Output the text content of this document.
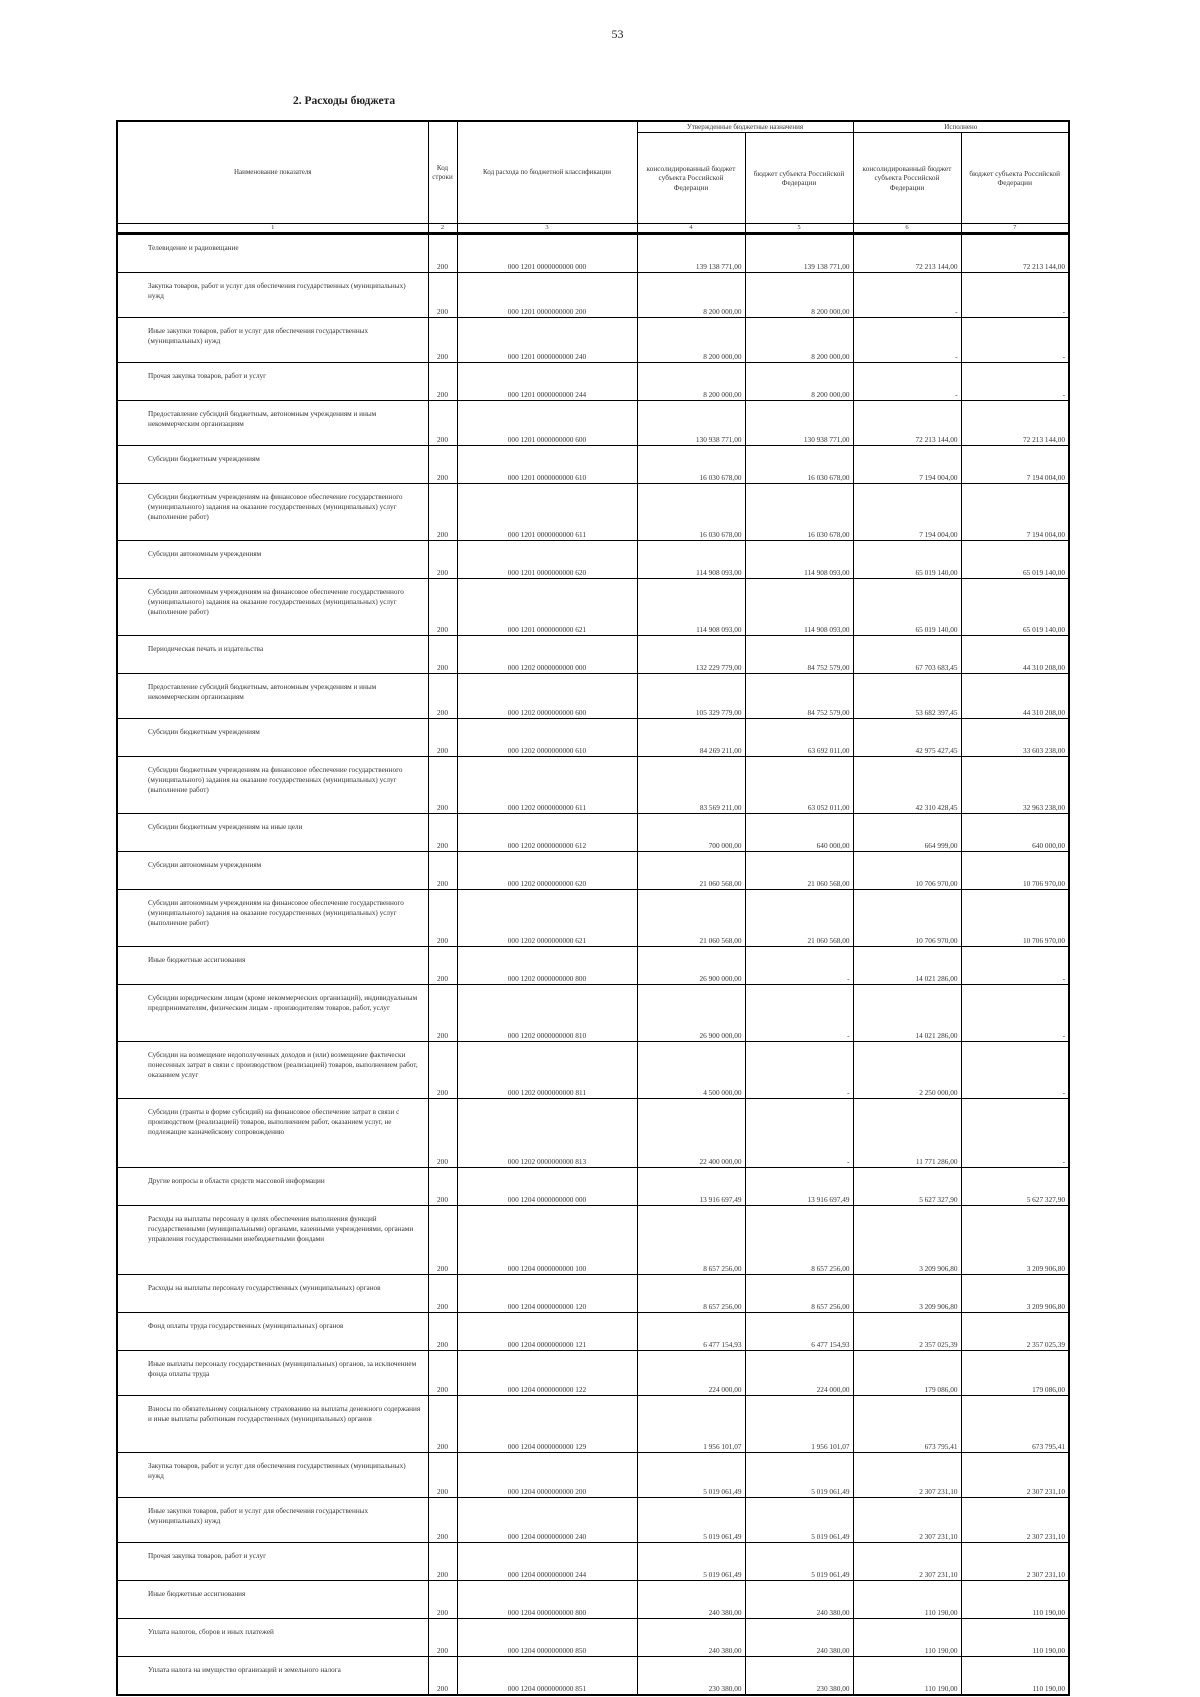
53
2. Расходы бюджета
Наименование показателя	Код строки	Код расхода по бюджетной классификации	Утвержденные бюджетные назначения		Исполнено	
			консолидированный бюджет субъекта Российской Федерации	бюджет субъекта Российской Федерации	консолидированный бюджет субъекта Российской Федерации	бюджет субъекта Российской Федерации
1	2	3	4	5	6	7
Телевидение и радиовещание	200	000 1201 0000000000 000	139 138 771,00	139 138 771,00	72 213 144,00	72 213 144,00
Закупка товаров, работ и услуг для обеспечения государственных (муниципальных) нужд	200	000 1201 0000000000 200	8 200 000,00	8 200 000,00	-	-
Иные закупки товаров, работ и услуг для обеспечения государственных (муниципальных) нужд	200	000 1201 0000000000 240	8 200 000,00	8 200 000,00	-	-
Прочая закупка товаров, работ и услуг	200	000 1201 0000000000 244	8 200 000,00	8 200 000,00	-	-
Предоставление субсидий бюджетным, автономным учреждениям и иным некоммерческим организациям	200	000 1201 0000000000 600	130 938 771,00	130 938 771,00	72 213 144,00	72 213 144,00
Субсидии бюджетным учреждениям	200	000 1201 0000000000 610	16 030 678,00	16 030 678,00	7 194 004,00	7 194 004,00
Субсидии бюджетным учреждениям на финансовое обеспечение государственного (муниципального) задания на оказание государственных (муниципальных) услуг (выполнение работ)	200	000 1201 0000000000 611	16 030 678,00	16 030 678,00	7 194 004,00	7 194 004,00
Субсидии автономным учреждениям	200	000 1201 0000000000 620	114 908 093,00	114 908 093,00	65 019 140,00	65 019 140,00
Субсидии автономным учреждениям на финансовое обеспечение государственного (муниципального) задания на оказание государственных (муниципальных) услуг (выполнение работ)	200	000 1201 0000000000 621	114 908 093,00	114 908 093,00	65 019 140,00	65 019 140,00
Периодическая печать и издательства	200	000 1202 0000000000 000	132 229 779,00	84 752 579,00	67 703 683,45	44 310 208,00
Предоставление субсидий бюджетным, автономным учреждениям и иным некоммерческим организациям	200	000 1202 0000000000 600	105 329 779,00	84 752 579,00	53 682 397,45	44 310 208,00
Субсидии бюджетным учреждениям	200	000 1202 0000000000 610	84 269 211,00	63 692 011,00	42 975 427,45	33 603 238,00
Субсидии бюджетным учреждениям на финансовое обеспечение государственного (муниципального) задания на оказание государственных (муниципальных) услуг (выполнение работ)	200	000 1202 0000000000 611	83 569 211,00	63 052 011,00	42 310 428,45	32 963 238,00
Субсидии бюджетным учреждениям на иные цели	200	000 1202 0000000000 612	700 000,00	640 000,00	664 999,00	640 000,00
Субсидии автономным учреждениям	200	000 1202 0000000000 620	21 060 568,00	21 060 568,00	10 706 970,00	10 706 970,00
Субсидии автономным учреждениям на финансовое обеспечение государственного (муниципального) задания на оказание государственных (муниципальных) услуг (выполнение работ)	200	000 1202 0000000000 621	21 060 568,00	21 060 568,00	10 706 970,00	10 706 970,00
Иные бюджетные ассигнования	200	000 1202 0000000000 800	26 900 000,00	-	14 021 286,00	-
Субсидии юридическим лицам (кроме некоммерческих организаций), индивидуальным предпринимателям, физическим лицам - производителям товаров, работ, услуг	200	000 1202 0000000000 810	26 900 000,00	-	14 021 286,00	-
Субсидии на возмещение недополученных доходов и (или) возмещение фактически понесенных затрат в связи с производством (реализацией) товаров, выполнением работ, оказанием услуг	200	000 1202 0000000000 811	4 500 000,00	-	2 250 000,00	-
Субсидии (гранты в форме субсидий) на финансовое обеспечение затрат в связи с производством (реализацией) товаров, выполнением работ, оказанием услуг, не подлежащие казначейскому сопровождению	200	000 1202 0000000000 813	22 400 000,00	-	11 771 286,00	-
Другие вопросы в области средств массовой информации	200	000 1204 0000000000 000	13 916 697,49	13 916 697,49	5 627 327,90	5 627 327,90
Расходы на выплаты персоналу в целях обеспечения выполнения функций государственными (муниципальными) органами, казенными учреждениями, органами управления государственными внебюджетными фондами	200	000 1204 0000000000 100	8 657 256,00	8 657 256,00	3 209 906,80	3 209 906,80
Расходы на выплаты персоналу государственных (муниципальных) органов	200	000 1204 0000000000 120	8 657 256,00	8 657 256,00	3 209 906,80	3 209 906,80
Фонд оплаты труда государственных (муниципальных) органов	200	000 1204 0000000000 121	6 477 154,93	6 477 154,93	2 357 025,39	2 357 025,39
Иные выплаты персоналу государственных (муниципальных) органов, за исключением фонда оплаты труда	200	000 1204 0000000000 122	224 000,00	224 000,00	179 086,00	179 086,00
Взносы по обязательному социальному страхованию на выплаты денежного содержания и иные выплаты работникам государственных (муниципальных) органов	200	000 1204 0000000000 129	1 956 101,07	1 956 101,07	673 795,41	673 795,41
Закупка товаров, работ и услуг для обеспечения государственных (муниципальных) нужд	200	000 1204 0000000000 200	5 019 061,49	5 019 061,49	2 307 231,10	2 307 231,10
Иные закупки товаров, работ и услуг для обеспечения государственных (муниципальных) нужд	200	000 1204 0000000000 240	5 019 061,49	5 019 061,49	2 307 231,10	2 307 231,10
Прочая закупка товаров, работ и услуг	200	000 1204 0000000000 244	5 019 061,49	5 019 061,49	2 307 231,10	2 307 231,10
Иные бюджетные ассигнования	200	000 1204 0000000000 800	240 380,00	240 380,00	110 190,00	110 190,00
Уплата налогов, сборов и иных платежей	200	000 1204 0000000000 850	240 380,00	240 380,00	110 190,00	110 190,00
Уплата налога на имущество организаций и земельного налога	200	000 1204 0000000000 851	230 380,00	230 380,00	110 190,00	110 190,00
